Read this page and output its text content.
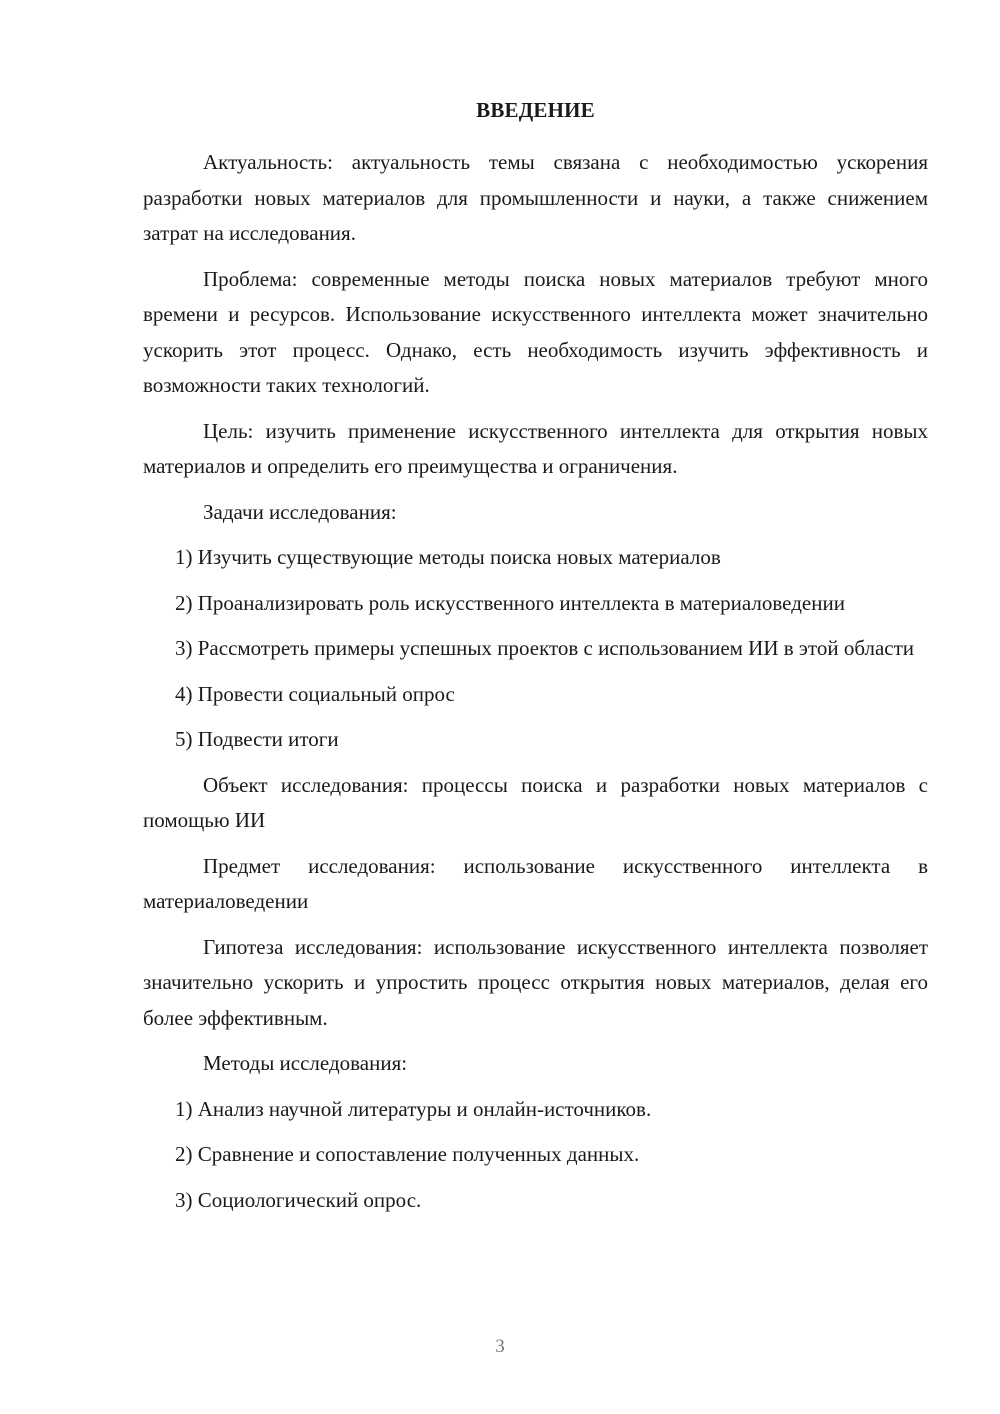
ВВЕДЕНИЕ

Актуальность: актуальность темы связана с необходимостью ускорения разработки новых материалов для промышленности и науки, а также снижением затрат на исследования.

Проблема: современные методы поиска новых материалов требуют много времени и ресурсов. Использование искусственного интеллекта может значительно ускорить этот процесс. Однако, есть необходимость изучить эффективность и возможности таких технологий.

Цель: изучить применение искусственного интеллекта для открытия новых материалов и определить его преимущества и ограничения.

Задачи исследования:

1) Изучить существующие методы поиска новых материалов

2) Проанализировать роль искусственного интеллекта в материаловедении

3) Рассмотреть примеры успешных проектов с использованием ИИ в этой области

4) Провести социальный опрос

5) Подвести итоги

Объект исследования: процессы поиска и разработки новых материалов с помощью ИИ

Предмет исследования: использование искусственного интеллекта в материаловедении

Гипотеза исследования: использование искусственного интеллекта позволяет значительно ускорить и упростить процесс открытия новых материалов, делая его более эффективным.

Методы исследования:

1) Анализ научной литературы и онлайн-источников.

2) Сравнение и сопоставление полученных данных.

3) Социологический опрос.

3
